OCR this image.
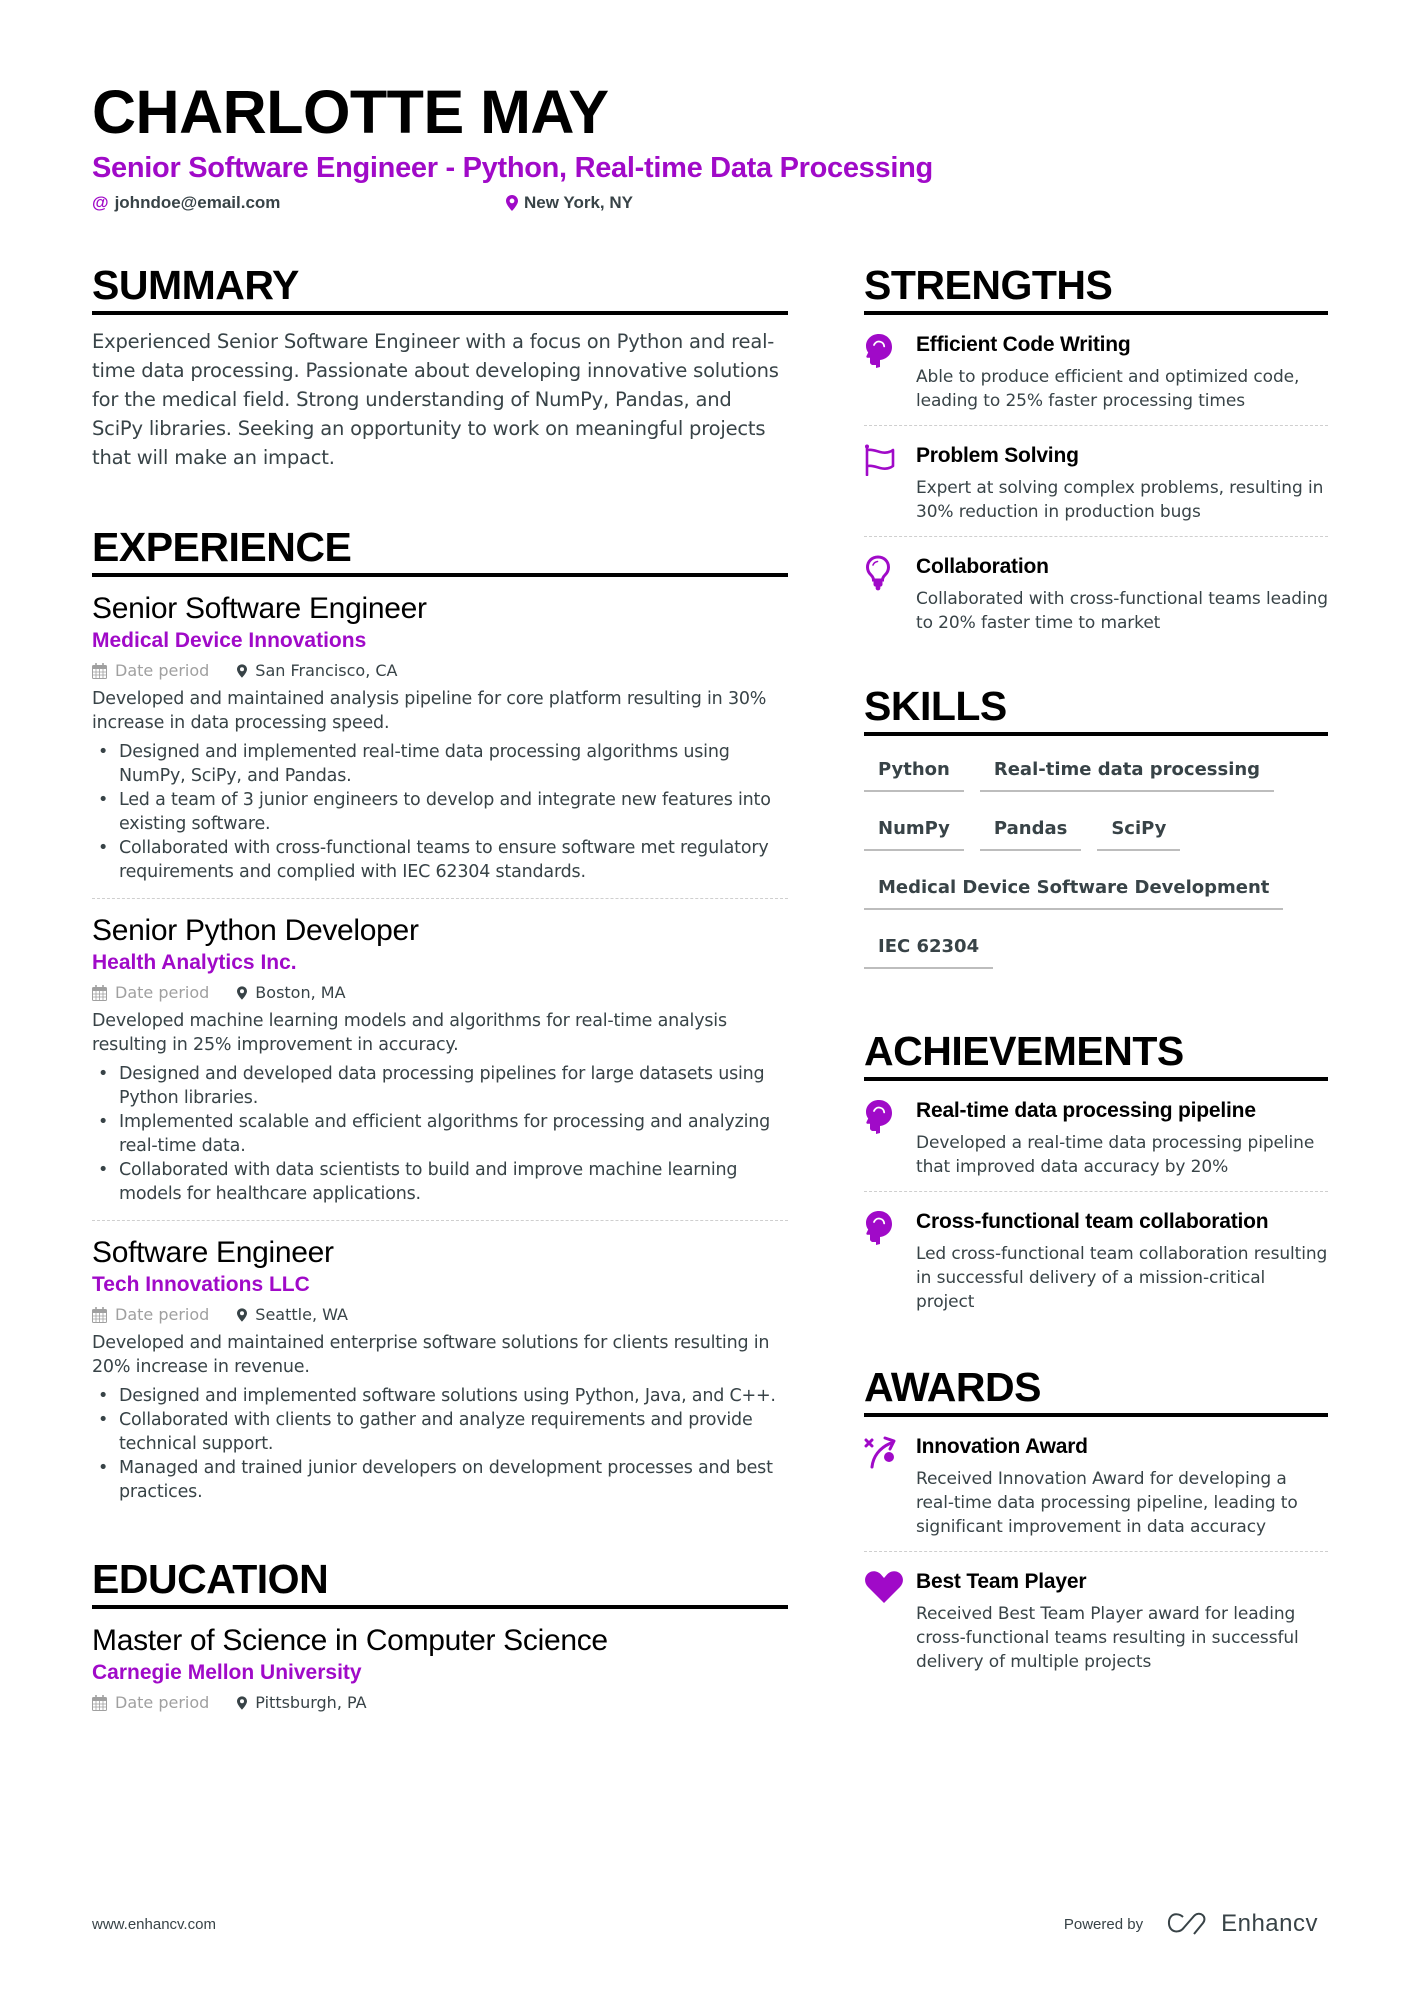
CHARLOTTE MAY
Senior Software Engineer - Python, Real-time Data Processing
@ johndoe@email.com	New York, NY
SUMMARY
Experienced Senior Software Engineer with a focus on Python and real-time data processing. Passionate about developing innovative solutions for the medical field. Strong understanding of NumPy, Pandas, and SciPy libraries. Seeking an opportunity to work on meaningful projects that will make an impact.
EXPERIENCE
Senior Software Engineer
Medical Device Innovations
Date period	San Francisco, CA
Developed and maintained analysis pipeline for core platform resulting in 30% increase in data processing speed.
• Designed and implemented real-time data processing algorithms using NumPy, SciPy, and Pandas.
• Led a team of 3 junior engineers to develop and integrate new features into existing software.
• Collaborated with cross-functional teams to ensure software met regulatory requirements and complied with IEC 62304 standards.
Senior Python Developer
Health Analytics Inc.
Date period	Boston, MA
Developed machine learning models and algorithms for real-time analysis resulting in 25% improvement in accuracy.
• Designed and developed data processing pipelines for large datasets using Python libraries.
• Implemented scalable and efficient algorithms for processing and analyzing real-time data.
• Collaborated with data scientists to build and improve machine learning models for healthcare applications.
Software Engineer
Tech Innovations LLC
Date period	Seattle, WA
Developed and maintained enterprise software solutions for clients resulting in 20% increase in revenue.
• Designed and implemented software solutions using Python, Java, and C++.
• Collaborated with clients to gather and analyze requirements and provide technical support.
• Managed and trained junior developers on development processes and best practices.
EDUCATION
Master of Science in Computer Science
Carnegie Mellon University
Date period	Pittsburgh, PA
STRENGTHS
Efficient Code Writing
Able to produce efficient and optimized code, leading to 25% faster processing times
Problem Solving
Expert at solving complex problems, resulting in 30% reduction in production bugs
Collaboration
Collaborated with cross-functional teams leading to 20% faster time to market
SKILLS
Python	Real-time data processing
NumPy	Pandas	SciPy
Medical Device Software Development
IEC 62304
ACHIEVEMENTS
Real-time data processing pipeline
Developed a real-time data processing pipeline that improved data accuracy by 20%
Cross-functional team collaboration
Led cross-functional team collaboration resulting in successful delivery of a mission-critical project
AWARDS
Innovation Award
Received Innovation Award for developing a real-time data processing pipeline, leading to significant improvement in data accuracy
Best Team Player
Received Best Team Player award for leading cross-functional teams resulting in successful delivery of multiple projects
www.enhancv.com	Powered by	Enhancv
